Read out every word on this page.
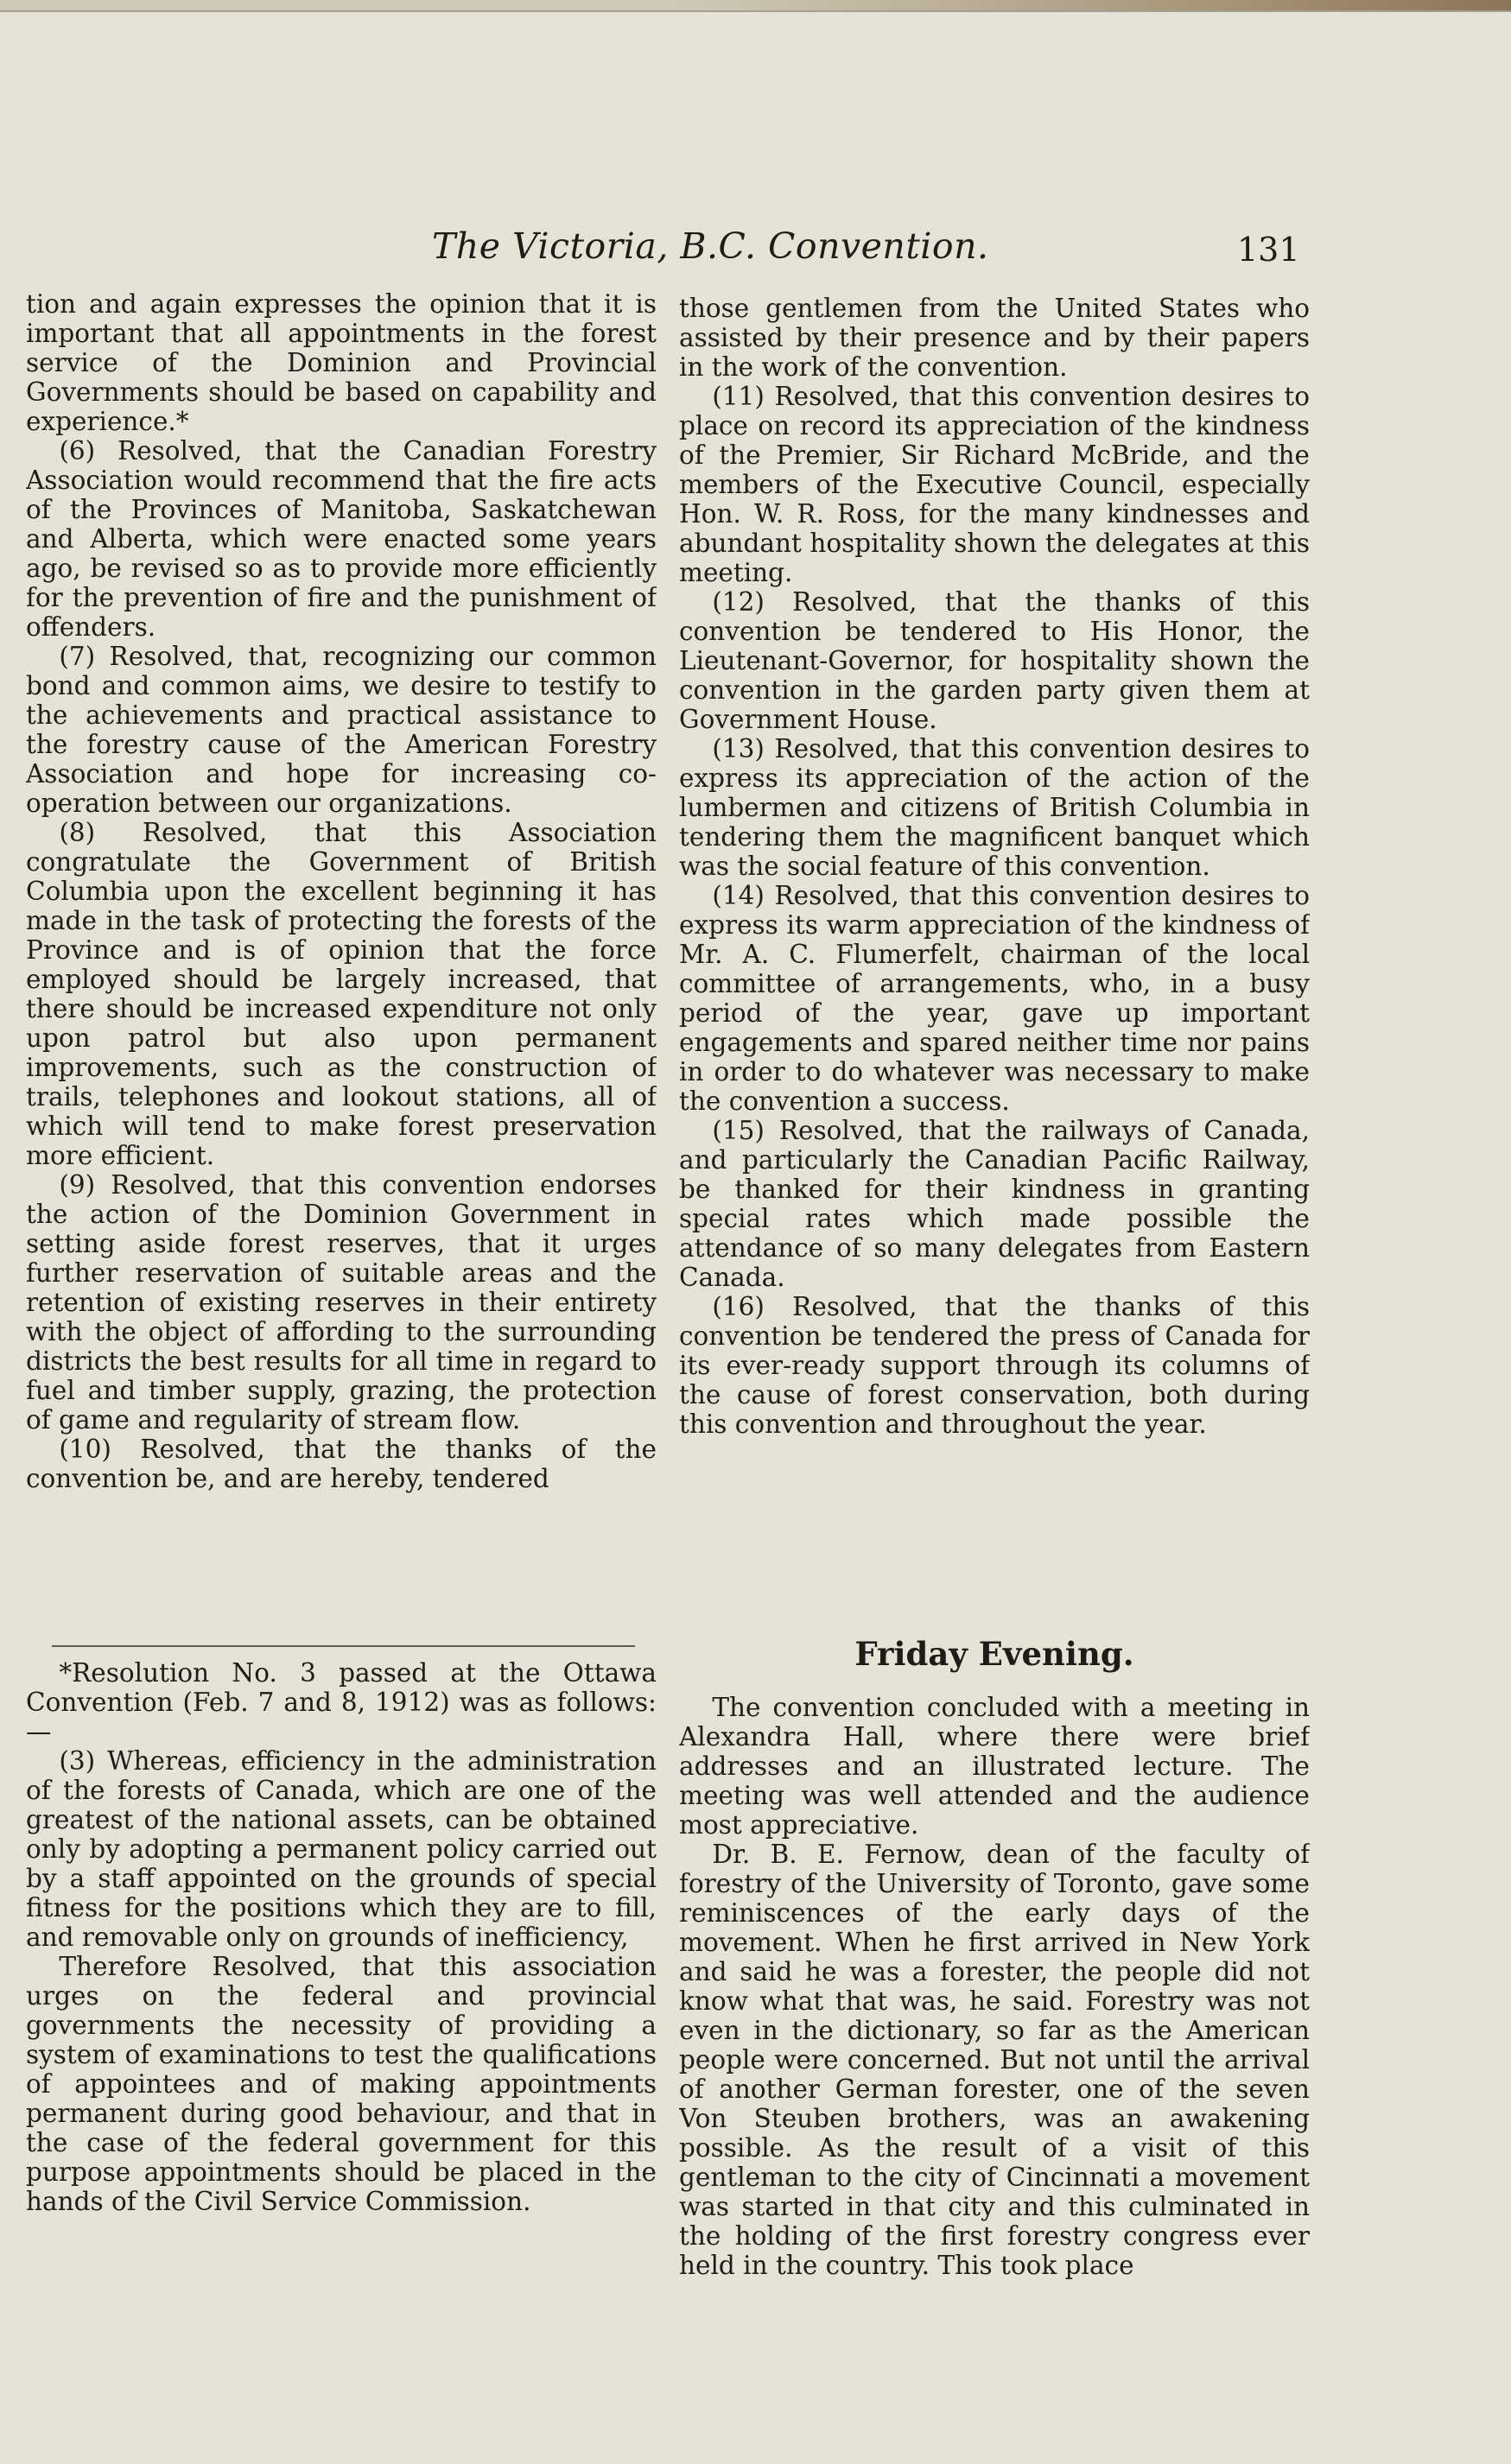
The Victoria, B.C. Convention.	131

tion and again expresses the opinion that it is important that all appointments in the forest service of the Dominion and Provincial Governments should be based on capability and experience.*

(6) Resolved, that the Canadian Forestry Association would recommend that the fire acts of the Provinces of Manitoba, Saskatchewan and Alberta, which were enacted some years ago, be revised so as to provide more efficiently for the prevention of fire and the punishment of offenders.

(7) Resolved, that, recognizing our common bond and common aims, we desire to testify to the achievements and practical assistance to the forestry cause of the American Forestry Association and hope for increasing co-operation between our organizations.

(8) Resolved, that this Association congratulate the Government of British Columbia upon the excellent beginning it has made in the task of protecting the forests of the Province and is of opinion that the force employed should be largely increased, that there should be increased expenditure not only upon patrol but also upon permanent improvements, such as the construction of trails, telephones and lookout stations, all of which will tend to make forest preservation more efficient.

(9) Resolved, that this convention endorses the action of the Dominion Government in setting aside forest reserves, that it urges further reservation of suitable areas and the retention of existing reserves in their entirety with the object of affording to the surrounding districts the best results for all time in regard to fuel and timber supply, grazing, the protection of game and regularity of stream flow.

(10) Resolved, that the thanks of the convention be, and are hereby, tendered

*Resolution No. 3 passed at the Ottawa Convention (Feb. 7 and 8, 1912) was as follows:—

(3) Whereas, efficiency in the administration of the forests of Canada, which are one of the greatest of the national assets, can be obtained only by adopting a permanent policy carried out by a staff appointed on the grounds of special fitness for the positions which they are to fill, and removable only on grounds of inefficiency,

Therefore Resolved, that this association urges on the federal and provincial governments the necessity of providing a system of examinations to test the qualifications of appointees and of making appointments permanent during good behaviour, and that in the case of the federal government for this purpose appointments should be placed in the hands of the Civil Service Commission.

those gentlemen from the United States who assisted by their presence and by their papers in the work of the convention.

(11) Resolved, that this convention desires to place on record its appreciation of the kindness of the Premier, Sir Richard McBride, and the members of the Executive Council, especially Hon. W. R. Ross, for the many kindnesses and abundant hospitality shown the delegates at this meeting.

(12) Resolved, that the thanks of this convention be tendered to His Honor, the Lieutenant-Governor, for hospitality shown the convention in the garden party given them at Government House.

(13) Resolved, that this convention desires to express its appreciation of the action of the lumbermen and citizens of British Columbia in tendering them the magnificent banquet which was the social feature of this convention.

(14) Resolved, that this convention desires to express its warm appreciation of the kindness of Mr. A. C. Flumerfelt, chairman of the local committee of arrangements, who, in a busy period of the year, gave up important engagements and spared neither time nor pains in order to do whatever was necessary to make the convention a success.

(15) Resolved, that the railways of Canada, and particularly the Canadian Pacific Railway, be thanked for their kindness in granting special rates which made possible the attendance of so many delegates from Eastern Canada.

(16) Resolved, that the thanks of this convention be tendered the press of Canada for its ever-ready support through its columns of the cause of forest conservation, both during this convention and throughout the year.

Friday Evening.

The convention concluded with a meeting in Alexandra Hall, where there were brief addresses and an illustrated lecture. The meeting was well attended and the audience most appreciative.

Dr. B. E. Fernow, dean of the faculty of forestry of the University of Toronto, gave some reminiscences of the early days of the movement. When he first arrived in New York and said he was a forester, the people did not know what that was, he said. Forestry was not even in the dictionary, so far as the American people were concerned. But not until the arrival of another German forester, one of the seven Von Steuben brothers, was an awakening possible. As the result of a visit of this gentleman to the city of Cincinnati a movement was started in that city and this culminated in the holding of the first forestry congress ever held in the country. This took place
